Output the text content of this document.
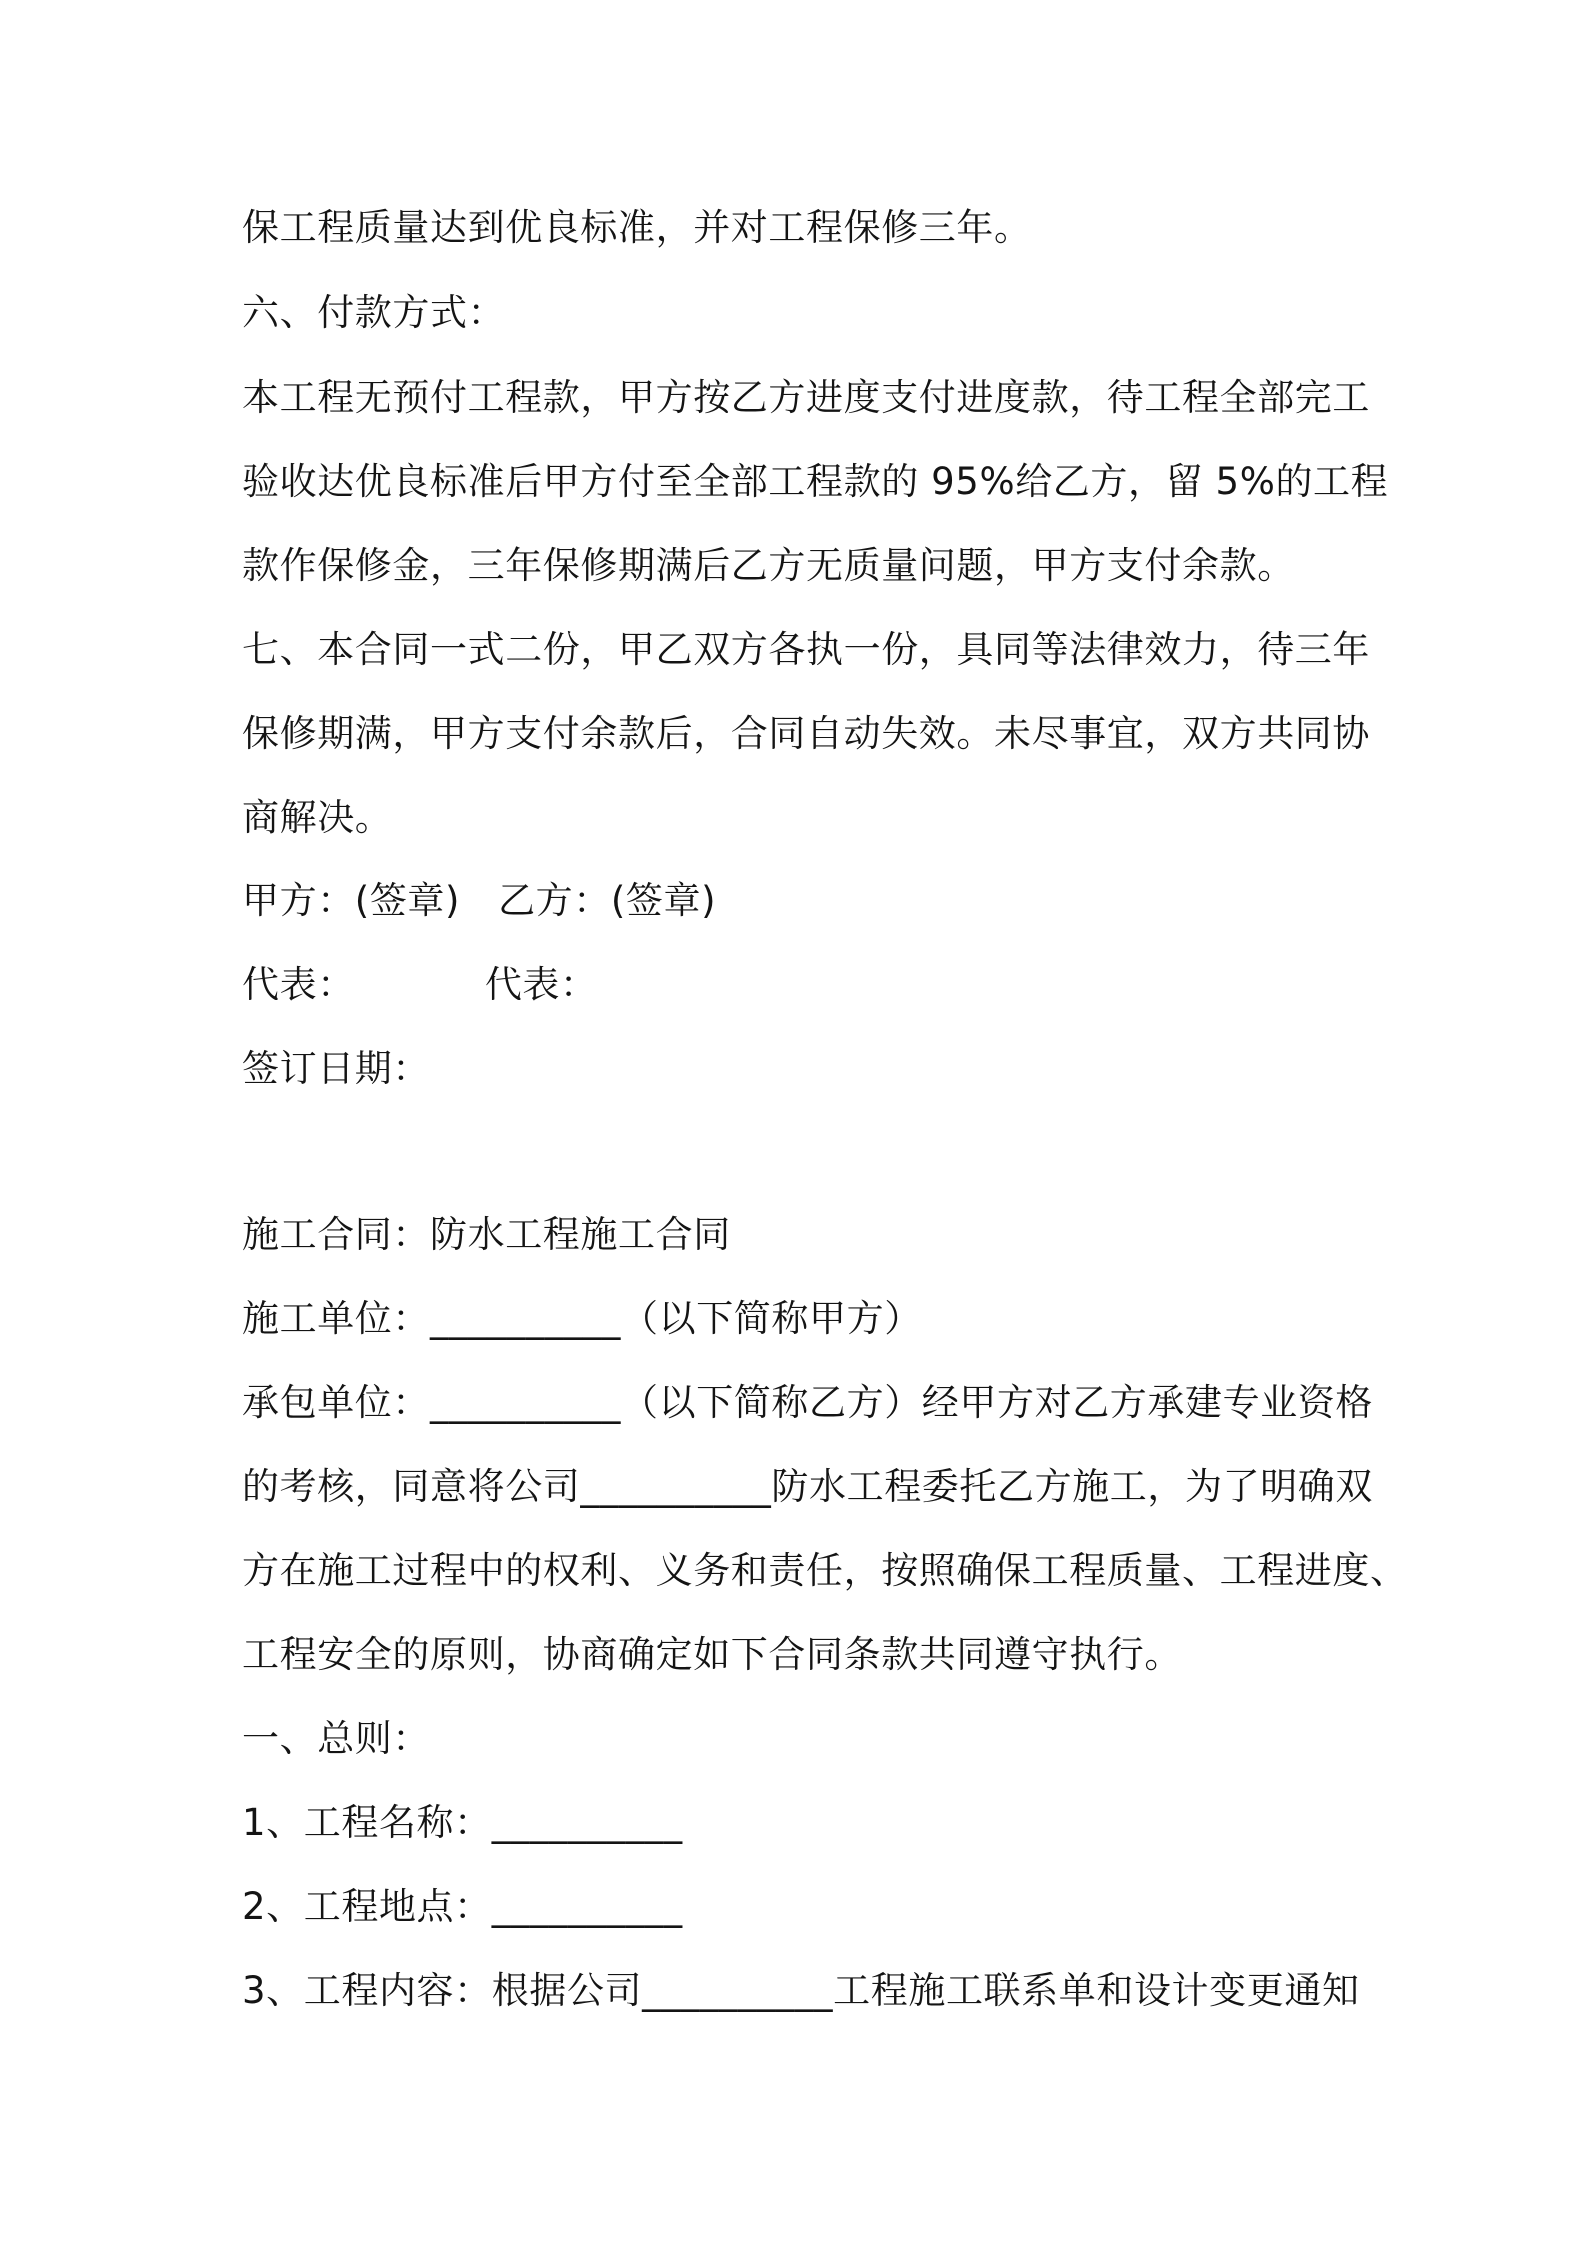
保工程质量达到优良标准，并对工程保修三年。
六、付款方式：
本工程无预付工程款，甲方按乙方进度支付进度款，待工程全部完工
验收达优良标准后甲方付至全部工程款的 95%给乙方，留 5%的工程
款作保修金，三年保修期满后乙方无质量问题，甲方支付余款。
七、本合同一式二份，甲乙双方各执一份，具同等法律效力，待三年
保修期满，甲方支付余款后，合同自动失效。未尽事宜，双方共同协
商解决。
甲方：(签章) 乙方：(签章)
代表：	代表：
签订日期：
施工合同：防水工程施工合同
施工单位：__________（以下简称甲方）
承包单位：__________（以下简称乙方）经甲方对乙方承建专业资格
的考核，同意将公司__________防水工程委托乙方施工，为了明确双
方在施工过程中的权利、义务和责任，按照确保工程质量、工程进度、
工程安全的原则，协商确定如下合同条款共同遵守执行。
一、总则：
1、工程名称：__________
2、工程地点：__________
3、工程内容：根据公司__________工程施工联系单和设计变更通知
